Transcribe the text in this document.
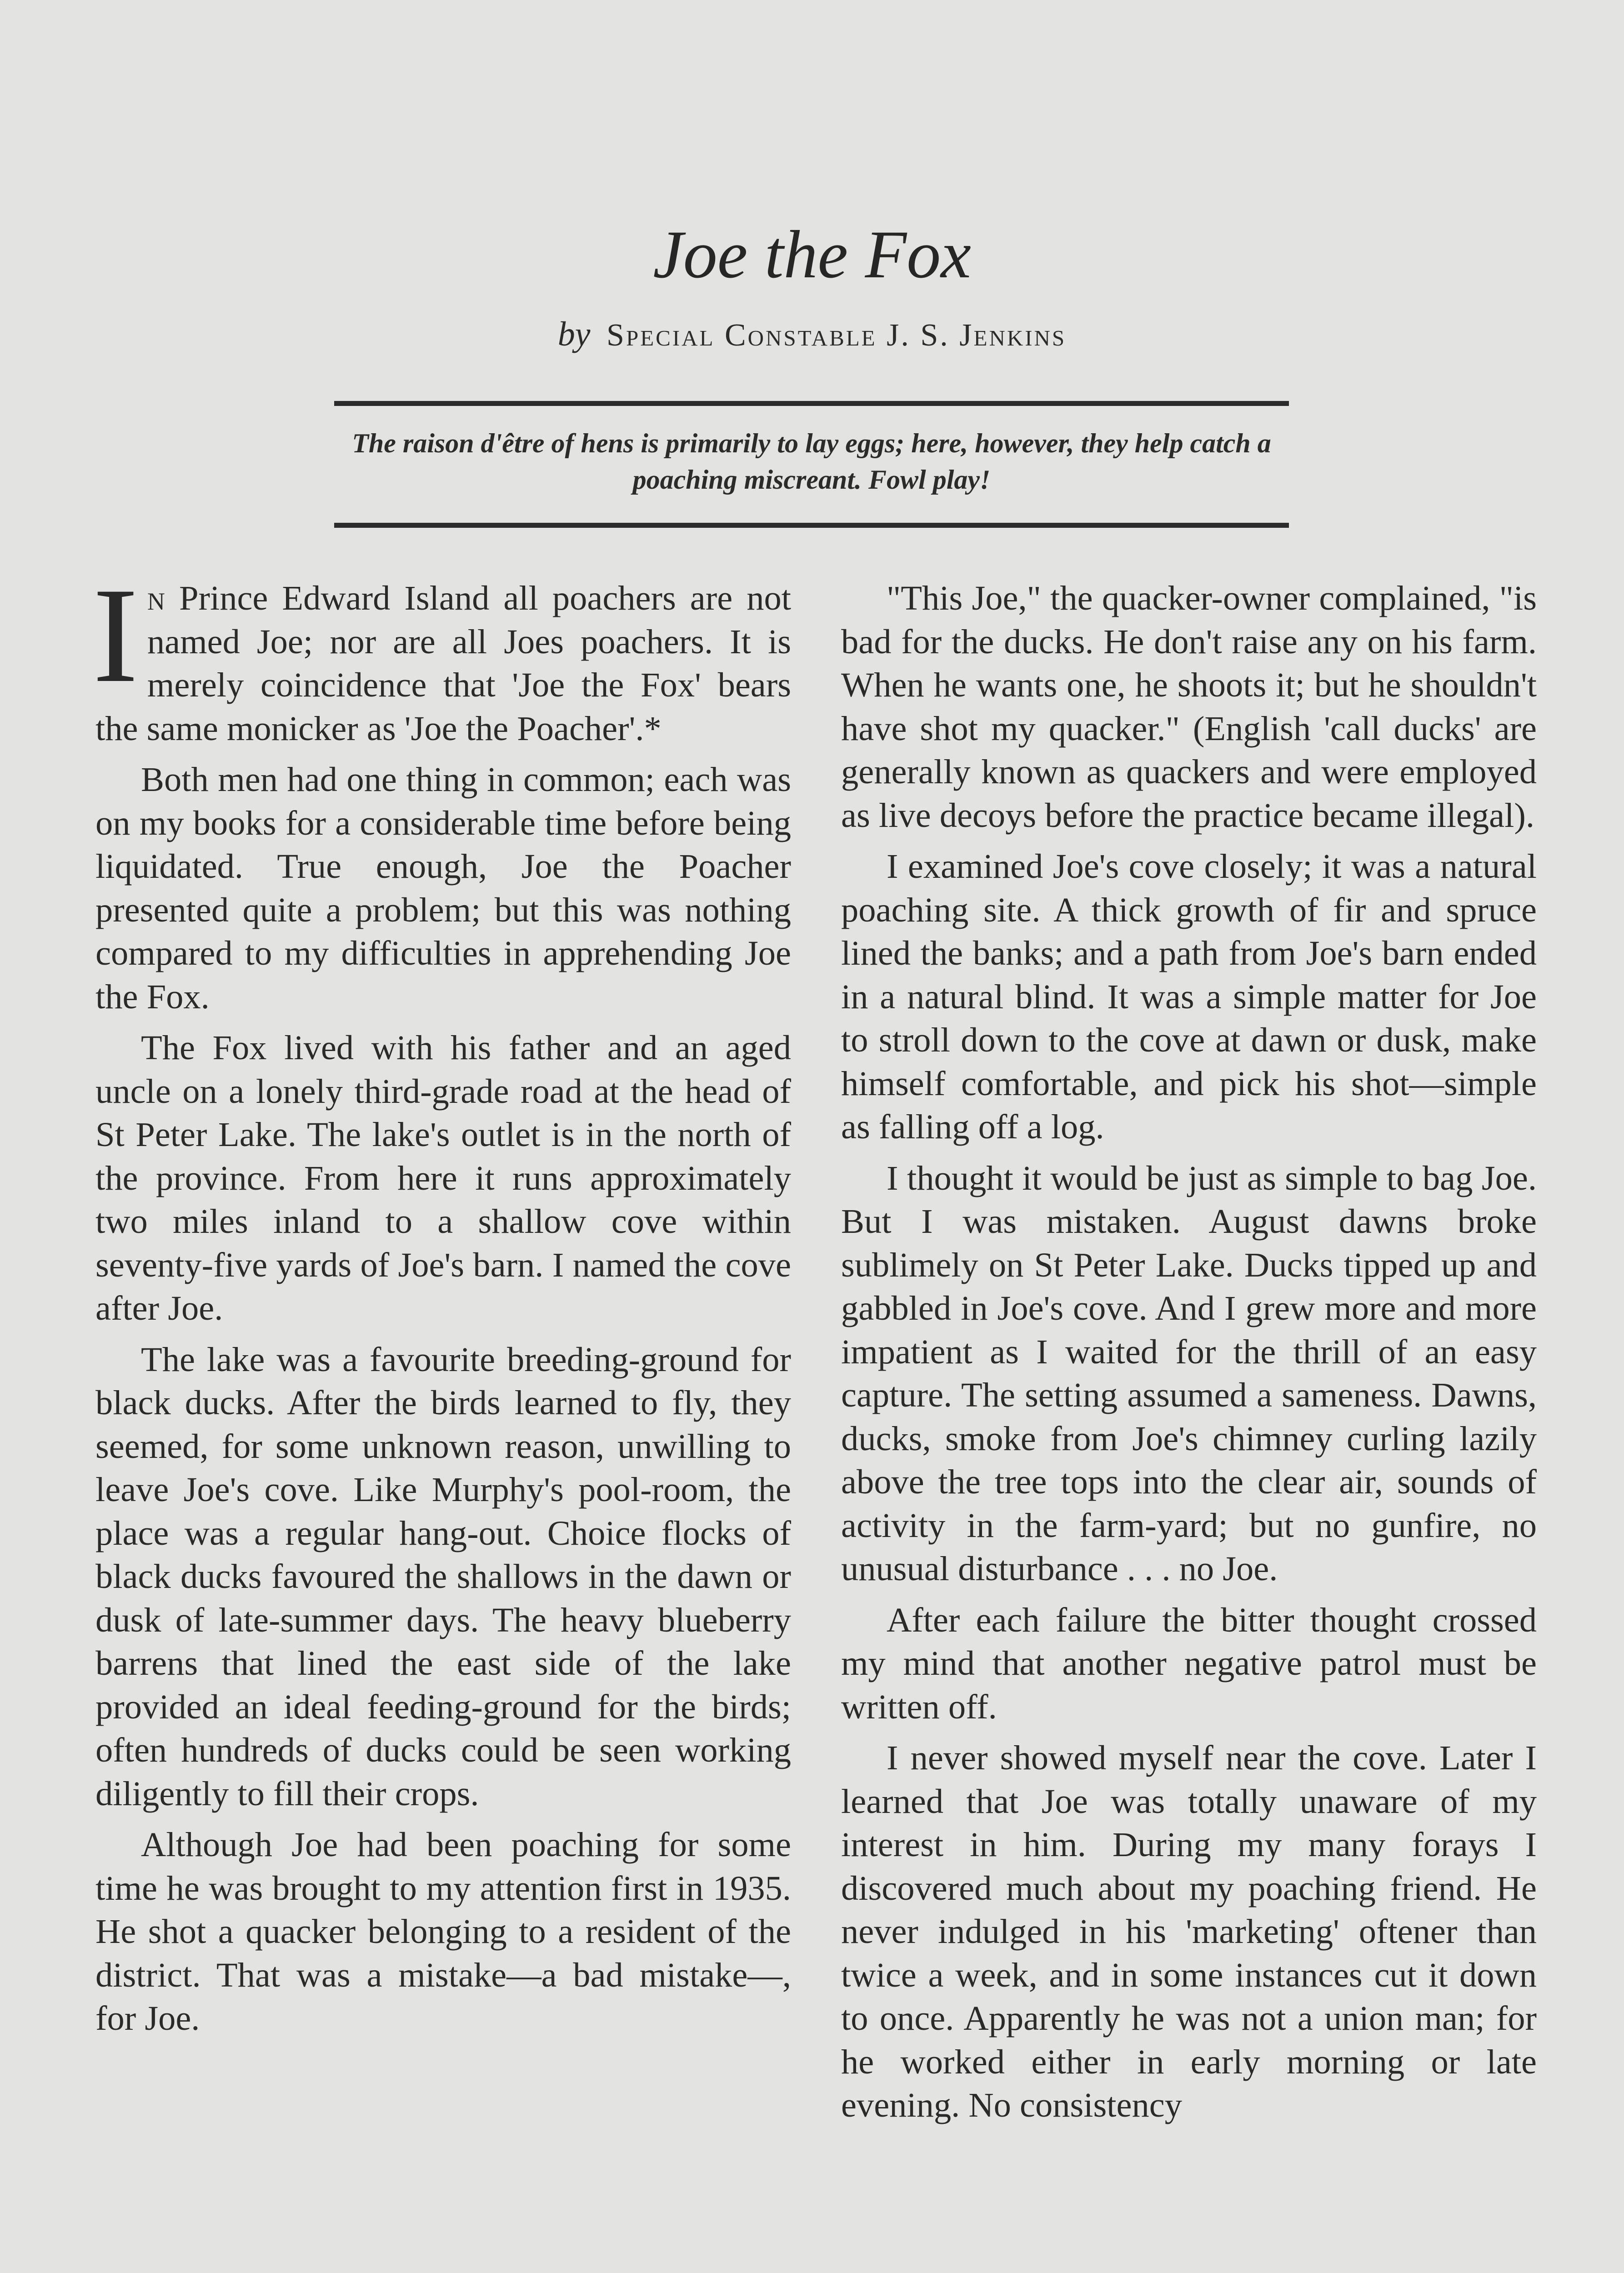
Joe the Fox
by Special Constable J. S. Jenkins
The raison d'être of hens is primarily to lay eggs; here, however, they help catch a poaching miscreant. Fowl play!

In Prince Edward Island all poachers are not named Joe; nor are all Joes poachers. It is merely coincidence that 'Joe the Fox' bears the same monicker as 'Joe the Poacher'.*

Both men had one thing in common; each was on my books for a considerable time before being liquidated. True enough, Joe the Poacher presented quite a problem; but this was nothing compared to my difficulties in apprehending Joe the Fox.

The Fox lived with his father and an aged uncle on a lonely third-grade road at the head of St Peter Lake. The lake's outlet is in the north of the province. From here it runs approximately two miles inland to a shallow cove within seventy-five yards of Joe's barn. I named the cove after Joe.

The lake was a favourite breeding-ground for black ducks. After the birds learned to fly, they seemed, for some unknown reason, unwilling to leave Joe's cove. Like Murphy's pool-room, the place was a regular hang-out. Choice flocks of black ducks favoured the shallows in the dawn or dusk of late-summer days. The heavy blueberry barrens that lined the east side of the lake provided an ideal feeding-ground for the birds; often hundreds of ducks could be seen working diligently to fill their crops.

Although Joe had been poaching for some time he was brought to my attention first in 1935. He shot a quacker belonging to a resident of the district. That was a mistake—a bad mistake—, for Joe.

"This Joe," the quacker-owner complained, "is bad for the ducks. He don't raise any on his farm. When he wants one, he shoots it; but he shouldn't have shot my quacker." (English 'call ducks' are generally known as quackers and were employed as live decoys before the practice became illegal).

I examined Joe's cove closely; it was a natural poaching site. A thick growth of fir and spruce lined the banks; and a path from Joe's barn ended in a natural blind. It was a simple matter for Joe to stroll down to the cove at dawn or dusk, make himself comfortable, and pick his shot—simple as falling off a log.

I thought it would be just as simple to bag Joe. But I was mistaken. August dawns broke sublimely on St Peter Lake. Ducks tipped up and gabbled in Joe's cove. And I grew more and more impatient as I waited for the thrill of an easy capture. The setting assumed a sameness. Dawns, ducks, smoke from Joe's chimney curling lazily above the tree tops into the clear air, sounds of activity in the farm-yard; but no gunfire, no unusual disturbance . . . no Joe.

After each failure the bitter thought crossed my mind that another negative patrol must be written off.

I never showed myself near the cove. Later I learned that Joe was totally unaware of my interest in him. During my many forays I discovered much about my poaching friend. He never indulged in his 'marketing' oftener than twice a week, and in some instances cut it down to once. Apparently he was not a union man; for he worked either in early morning or late evening. No consistency
